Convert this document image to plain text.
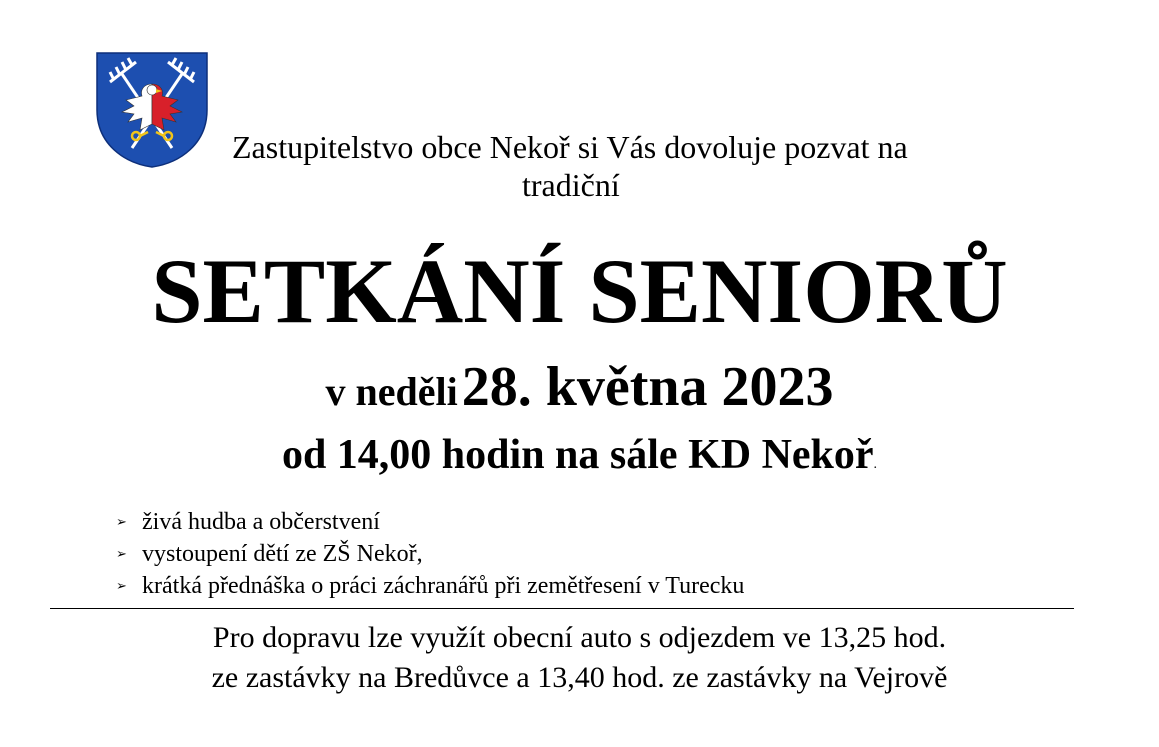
Zastupitelstvo obce Nekoř si Vás dovoluje pozvat na
tradiční
SETKÁNÍ SENIORŮ
v neděli 28. května 2023
od 14,00 hodin na sále KD Nekoř.
➢ živá hudba a občerstvení
➢ vystoupení dětí ze ZŠ Nekoř,
➢ krátká přednáška o práci záchranářů při zemětřesení v Turecku
Pro dopravu lze využít obecní auto s odjezdem ve 13,25 hod.
ze zastávky na Bredůvce a 13,40 hod. ze zastávky na Vejrově
